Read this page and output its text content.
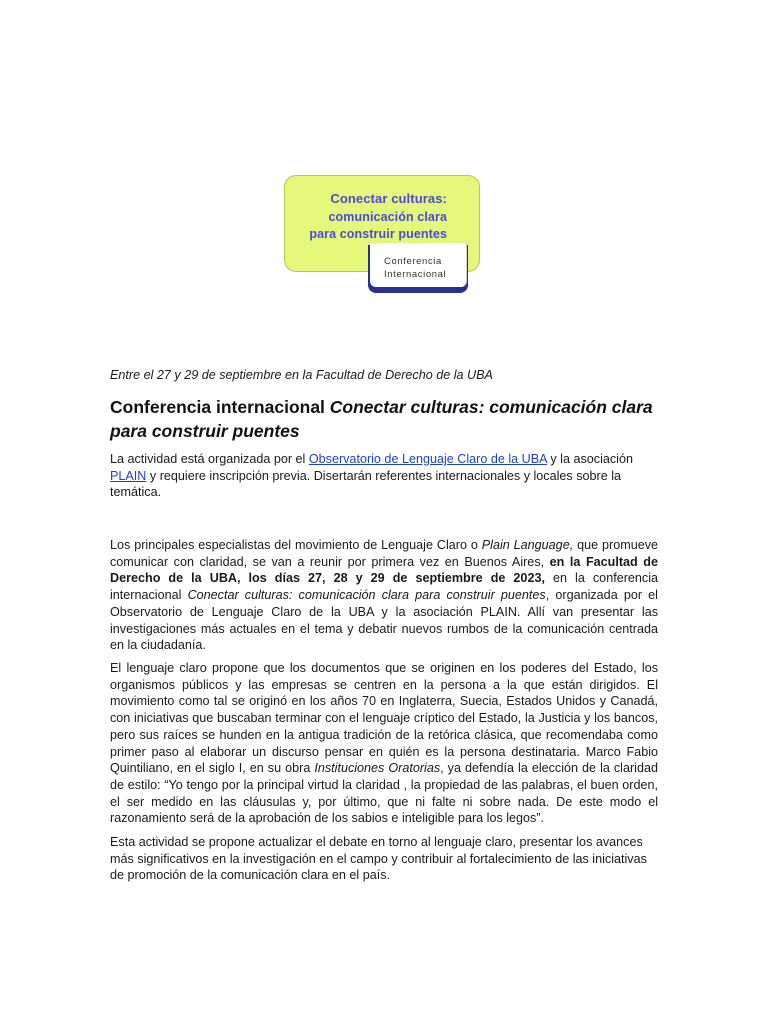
Conectar culturas:
comunicación clara
para construir puentes
Conferencia
Internacional
Entre el 27 y 29 de septiembre en la Facultad de Derecho de la UBA
Conferencia internacional Conectar culturas: comunicación clara para construir puentes

La actividad está organizada por el Observatorio de Lenguaje Claro de la UBA y la asociación
PLAIN y requiere inscripción previa. Disertarán referentes internacionales y locales sobre la temática.

Los principales especialistas del movimiento de Lenguaje Claro o Plain Language, que promueve comunicar con claridad, se van a reunir por primera vez en Buenos Aires, en la Facultad de Derecho de la UBA, los días 27, 28 y 29 de septiembre de 2023, en la conferencia internacional Conectar culturas: comunicación clara para construir puentes, organizada por el Observatorio de Lenguaje Claro de la UBA y la asociación PLAIN. Allí van presentar las investigaciones más actuales en el tema y debatir nuevos rumbos de la comunicación centrada en la ciudadanía.

El lenguaje claro propone que los documentos que se originen en los poderes del Estado, los organismos públicos y las empresas se centren en la persona a la que están dirigidos. El movimiento como tal se originó en los años 70 en Inglaterra, Suecia, Estados Unidos y Canadá, con iniciativas que buscaban terminar con el lenguaje críptico del Estado, la Justicia y los bancos, pero sus raíces se hunden en la antigua tradición de la retórica clásica, que recomendaba como primer paso al elaborar un discurso pensar en quién es la persona destinataria. Marco Fabio Quintiliano, en el siglo I, en su obra Instituciones Oratorias, ya defendía la elección de la claridad de estilo: “Yo tengo por la principal virtud la claridad , la propiedad de las palabras, el buen orden, el ser medido en las cláusulas y, por último, que ni falte ni sobre nada. De este modo el razonamiento será de la aprobación de los sabios e inteligible para los legos”.

Esta actividad se propone actualizar el debate en torno al lenguaje claro, presentar los avances más significativos en la investigación en el campo y contribuir al fortalecimiento de las iniciativas de promoción de la comunicación clara en el país.
